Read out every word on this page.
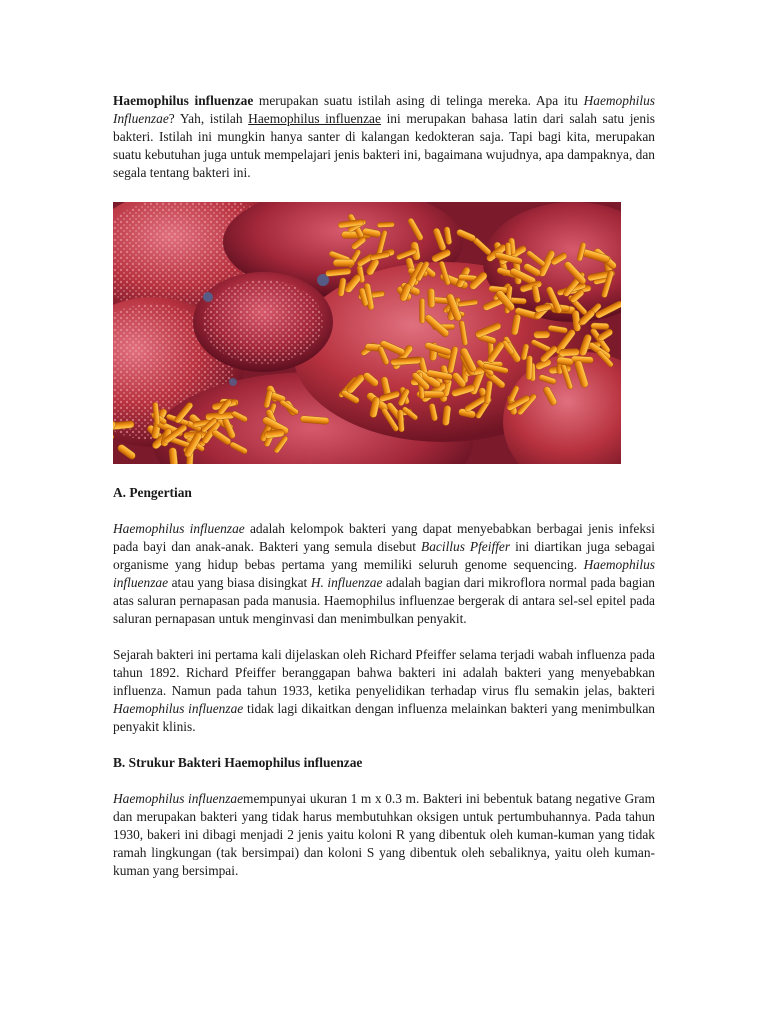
Haemophilus influenzae merupakan suatu istilah asing di telinga mereka. Apa itu Haemophilus Influenzae? Yah, istilah Haemophilus influenzae ini merupakan bahasa latin dari salah satu jenis bakteri. Istilah ini mungkin hanya santer di kalangan kedokteran saja. Tapi bagi kita, merupakan suatu kebutuhan juga untuk mempelajari jenis bakteri ini, bagaimana wujudnya, apa dampaknya, dan segala tentang bakteri ini.

A. Pengertian

Haemophilus influenzae adalah kelompok bakteri yang dapat menyebabkan berbagai jenis infeksi pada bayi dan anak-anak. Bakteri yang semula disebut Bacillus Pfeiffer ini diartikan juga sebagai organisme yang hidup bebas pertama yang memiliki seluruh genome sequencing. Haemophilus influenzae atau yang biasa disingkat H. influenzae adalah bagian dari mikroflora normal pada bagian atas saluran pernapasan pada manusia. Haemophilus influenzae bergerak di antara sel-sel epitel pada saluran pernapasan untuk menginvasi dan menimbulkan penyakit.

Sejarah bakteri ini pertama kali dijelaskan oleh Richard Pfeiffer selama terjadi wabah influenza pada tahun 1892. Richard Pfeiffer beranggapan bahwa bakteri ini adalah bakteri yang menyebabkan influenza. Namun pada tahun 1933, ketika penyelidikan terhadap virus flu semakin jelas, bakteri Haemophilus influenzae tidak lagi dikaitkan dengan influenza melainkan bakteri yang menimbulkan penyakit klinis.

B. Strukur Bakteri Haemophilus influenzae

Haemophilus influenzaemempunyai ukuran 1 m x 0.3 m. Bakteri ini bebentuk batang negative Gram dan merupakan bakteri yang tidak harus membutuhkan oksigen untuk pertumbuhannya. Pada tahun 1930, bakeri ini dibagi menjadi 2 jenis yaitu koloni R yang dibentuk oleh kuman-kuman yang tidak ramah lingkungan (tak bersimpai) dan koloni S yang dibentuk oleh sebaliknya, yaitu oleh kuman-kuman yang bersimpai.
